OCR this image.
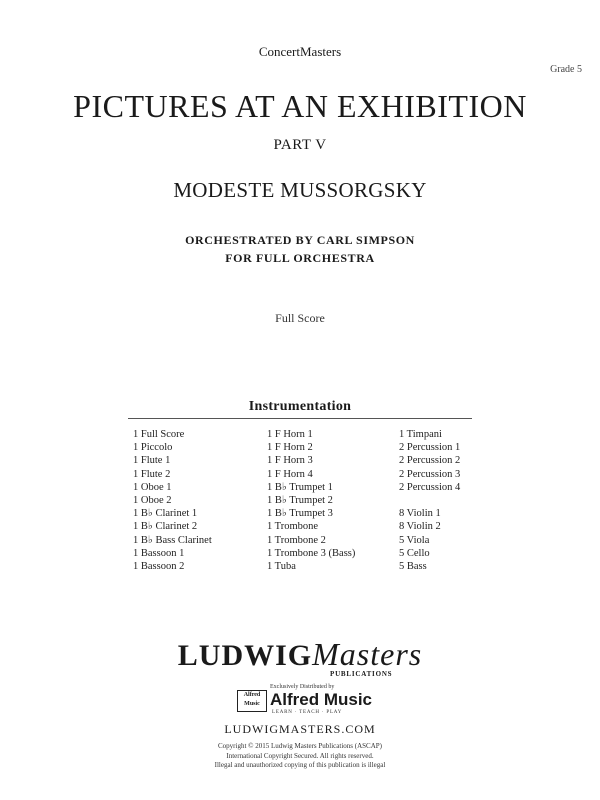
ConcertMasters
Grade 5
PICTURES AT AN EXHIBITION
PART V
MODESTE MUSSORGSKY
ORCHESTRATED BY CARL SIMPSON
FOR FULL ORCHESTRA
Full Score
Instrumentation
1 Full Score
1 Piccolo
1 Flute 1
1 Flute 2
1 Oboe 1
1 Oboe 2
1 B♭ Clarinet 1
1 B♭ Clarinet 2
1 B♭ Bass Clarinet
1 Bassoon 1
1 Bassoon 2
1 F Horn 1
1 F Horn 2
1 F Horn 3
1 F Horn 4
1 B♭ Trumpet 1
1 B♭ Trumpet 2
1 B♭ Trumpet 3
1 Trombone
1 Trombone 2
1 Trombone 3 (Bass)
1 Tuba
1 Timpani
2 Percussion 1
2 Percussion 2
2 Percussion 3
2 Percussion 4
8 Violin 1
8 Violin 2
5 Viola
5 Cello
5 Bass
LUDWIGMasters
PUBLICATIONS
Exclusively Distributed by
Alfred
Music Alfred Music
LEARN · TEACH · PLAY
LUDWIGMASTERS.COM
Copyright © 2015 Ludwig Masters Publications (ASCAP)
International Copyright Secured. All rights reserved.
Illegal and unauthorized copying of this publication is illegal
